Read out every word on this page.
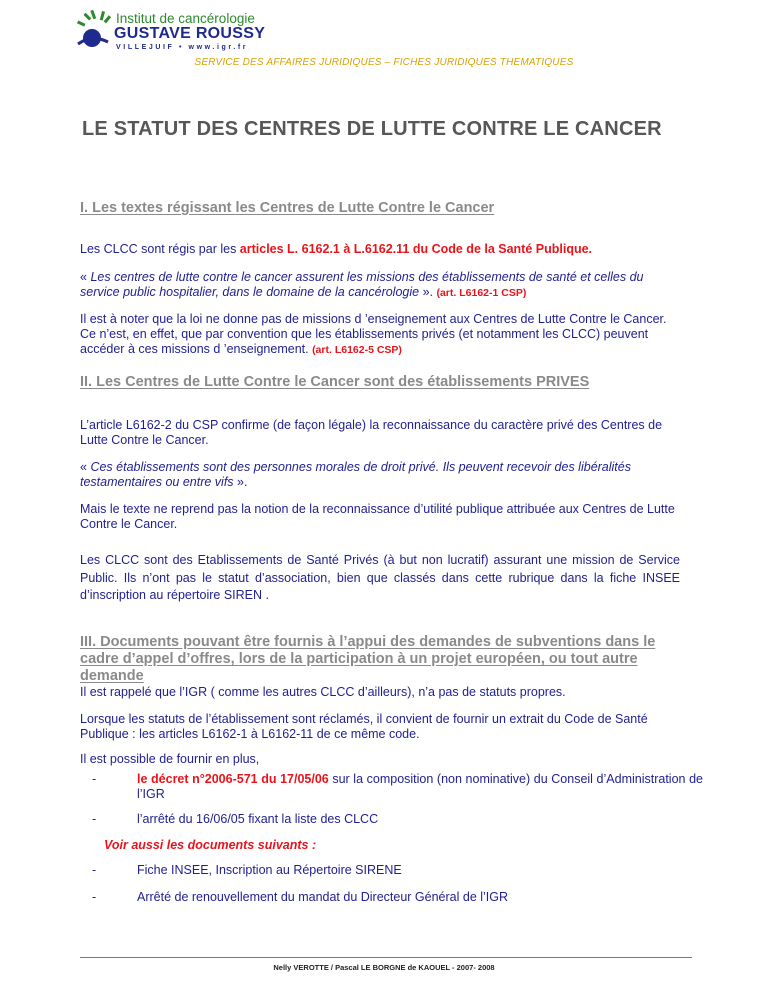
Institut de cancérologie
GUSTAVE ROUSSY
VILLEJUIF • www.igr.fr
SERVICE DES AFFAIRES JURIDIQUES – FICHES JURIDIQUES THEMATIQUES
LE STATUT DES CENTRES DE LUTTE CONTRE LE CANCER
I. Les textes régissant les Centres de Lutte Contre le Cancer
Les CLCC sont régis par les articles L. 6162.1 à L.6162.11 du Code de la Santé Publique.
« Les centres de lutte contre le cancer assurent les missions des établissements de santé et celles du service public hospitalier, dans le domaine de la cancérologie ». (art. L6162-1 CSP)
Il est à noter que la loi ne donne pas de missions d ’enseignement aux Centres de Lutte Contre le Cancer.
Ce n’est, en effet, que par convention que les établissements privés (et notamment les CLCC) peuvent accéder à ces missions d ’enseignement. (art. L6162-5 CSP)
II. Les Centres de Lutte Contre le Cancer sont des établissements PRIVES
L’article L6162-2 du CSP confirme (de façon légale) la reconnaissance du caractère privé des Centres de Lutte Contre le Cancer.
« Ces établissements sont des personnes morales de droit privé. Ils peuvent recevoir des libéralités testamentaires ou entre vifs ».
Mais le texte ne reprend pas la notion de la reconnaissance d’utilité publique attribuée aux Centres de Lutte Contre le Cancer.
Les CLCC sont des Etablissements de Santé Privés (à but non lucratif) assurant une mission de Service Public. Ils n’ont pas le statut d’association, bien que classés dans cette rubrique dans la fiche INSEE d’inscription au répertoire SIREN .
III. Documents pouvant être fournis à l’appui des demandes de subventions dans le cadre d’appel d’offres, lors de la participation à un projet européen, ou tout autre demande
Il est rappelé que l’IGR ( comme les autres CLCC d’ailleurs), n’a pas de statuts propres.
Lorsque les statuts de l’établissement sont réclamés, il convient de fournir un extrait du Code de Santé Publique : les articles L6162-1 à L6162-11 de ce même code.
Il est possible de fournir en plus,
-	le décret n°2006-571 du 17/05/06 sur la composition (non nominative) du Conseil d’Administration de l’IGR
-	l’arrêté du 16/06/05 fixant la liste des CLCC
Voir aussi les documents suivants :
-	Fiche INSEE, Inscription au Répertoire SIRENE
-	Arrêté de renouvellement du mandat du Directeur Général de l’IGR
Nelly VEROTTE / Pascal LE BORGNE de KAOUEL - 2007- 2008
